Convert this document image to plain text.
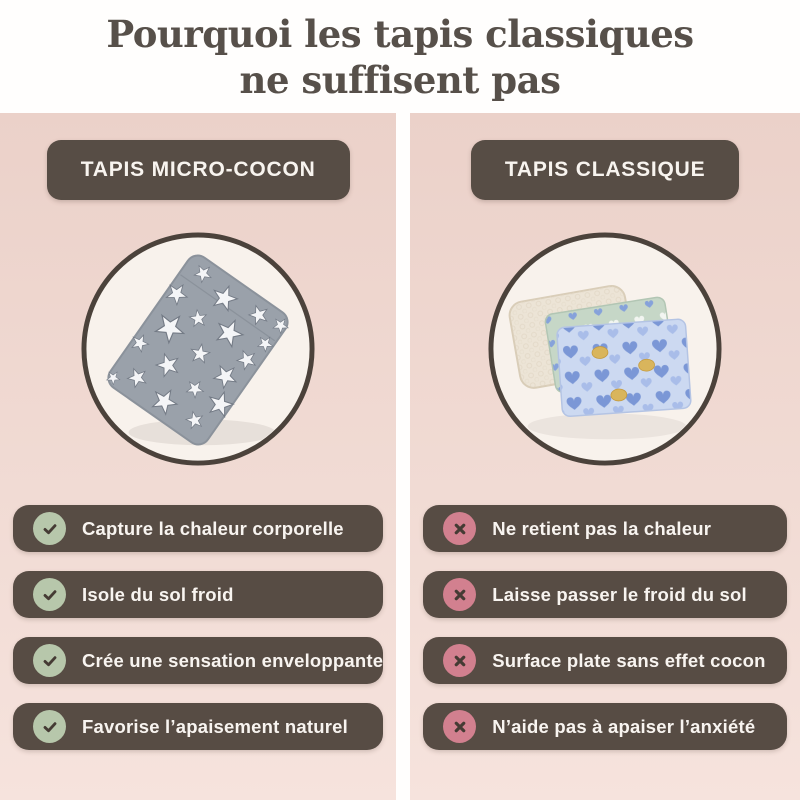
Pourquoi les tapis classiques
ne suffisent pas
TAPIS MICRO-COCON
Capture la chaleur corporelle
Isole du sol froid
Crée une sensation enveloppante
Favorise l’apaisement naturel
TAPIS CLASSIQUE
Ne retient pas la chaleur
Laisse passer le froid du sol
Surface plate sans effet cocon
N’aide pas à apaiser l’anxiété
